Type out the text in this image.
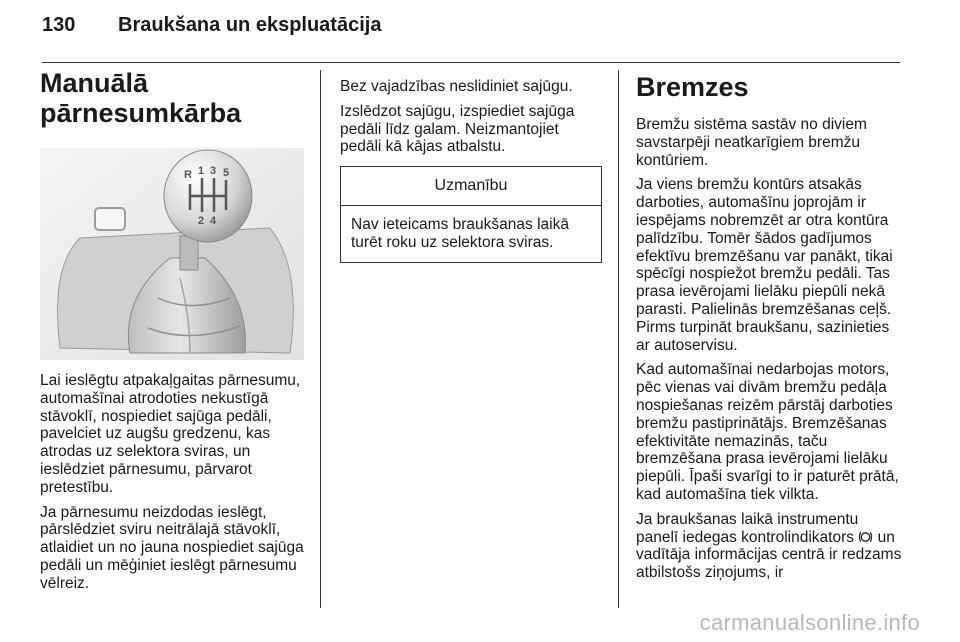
130 Braukšana un ekspluatācija
Manuālā
pārnesumkārba
R 1 3 5
2 4

Lai ieslēgtu atpakaļgaitas pārnesumu, automašīnai atrodoties nekustīgā stāvoklī, nospiediet sajūga pedāli, pavelciet uz augšu gredzenu, kas atrodas uz selektora sviras, un ieslēdziet pārnesumu, pārvarot pretestību.

Ja pārnesumu neizdodas ieslēgt, pārslēdziet sviru neitrālajā stāvoklī, atlaidiet un no jauna nospiediet sajūga pedāli un mēģiniet ieslēgt pārnesumu vēlreiz.

Bez vajadzības neslidiniet sajūgu.

Izslēdzot sajūgu, izspiediet sajūga pedāli līdz galam. Neizmantojiet pedāli kā kājas atbalstu.

Uzmanību
Nav ieteicams braukšanas laikā turēt roku uz selektora sviras.
Bremzes

Bremžu sistēma sastāv no diviem savstarpēji neatkarīgiem bremžu kontūriem.

Ja viens bremžu kontūrs atsakās darboties, automašīnu joprojām ir iespējams nobremzēt ar otra kontūra palīdzību. Tomēr šādos gadījumos efektīvu bremzēšanu var panākt, tikai spēcīgi nospiežot bremžu pedāli. Tas prasa ievērojami lielāku piepūli nekā parasti. Palielinās bremzēšanas ceļš. Pirms turpināt braukšanu, sazinieties ar autoservisu.

Kad automašīnai nedarbojas motors, pēc vienas vai divām bremžu pedāļa nospiešanas reizēm pārstāj darboties bremžu pastiprinātājs. Bremzēšanas efektivitāte nemazinās, taču bremzēšana prasa ievērojami lielāku piepūli. Īpaši svarīgi to ir paturēt prātā, kad automašīna tiek vilkta.

Ja braukšanas laikā instrumentu panelī iedegas kontrolindikators un vadītāja informācijas centrā ir redzams atbilstošs ziņojums, ir

carmanualsonline.info
